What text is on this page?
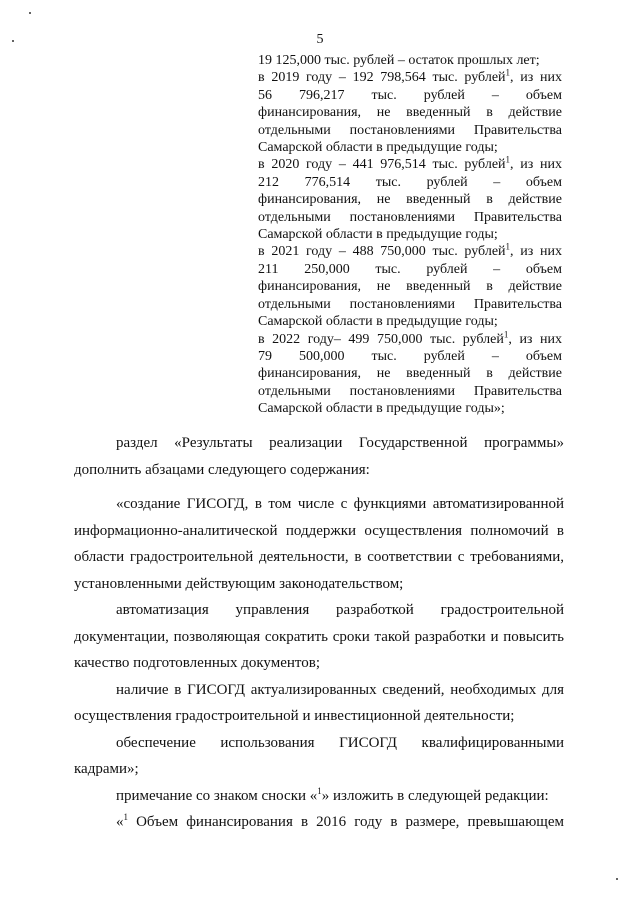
5
19 125,000 тыс. рублей – остаток прошлых лет;
в 2019 году – 192 798,564 тыс. рублей$^1$, из них
56 796,217 тыс. рублей – объем
финансирования, не введенный в действие
отдельными постановлениями Правительства
Самарской области в предыдущие годы;
в 2020 году – 441 976,514 тыс. рублей$^1$, из них
212 776,514 тыс. рублей – объем
финансирования, не введенный в действие
отдельными постановлениями Правительства
Самарской области в предыдущие годы;
в 2021 году – 488 750,000 тыс. рублей$^1$, из них
211 250,000 тыс. рублей – объем
финансирования, не введенный в действие
отдельными постановлениями Правительства
Самарской области в предыдущие годы;
в 2022 году– 499 750,000 тыс. рублей$^1$, из них
79 500,000 тыс. рублей – объем
финансирования, не введенный в действие
отдельными постановлениями Правительства
Самарской области в предыдущие годы»;
раздел «Результаты реализации Государственной программы»
дополнить абзацами следующего содержания:
«создание ГИСОГД, в том числе с функциями автоматизированной
информационно-аналитической поддержки осуществления полномочий в
области градостроительной деятельности, в соответствии с требованиями,
установленными действующим законодательством;
автоматизация управления разработкой градостроительной
документации, позволяющая сократить сроки такой разработки и повысить
качество подготовленных документов;
наличие в ГИСОГД актуализированных сведений, необходимых для
осуществления градостроительной и инвестиционной деятельности;
обеспечение использования ГИСОГД квалифицированными
кадрами»;
примечание со знаком сноски «$^1$» изложить в следующей редакции:
«$^1$ Объем финансирования в 2016 году в размере, превышающем
